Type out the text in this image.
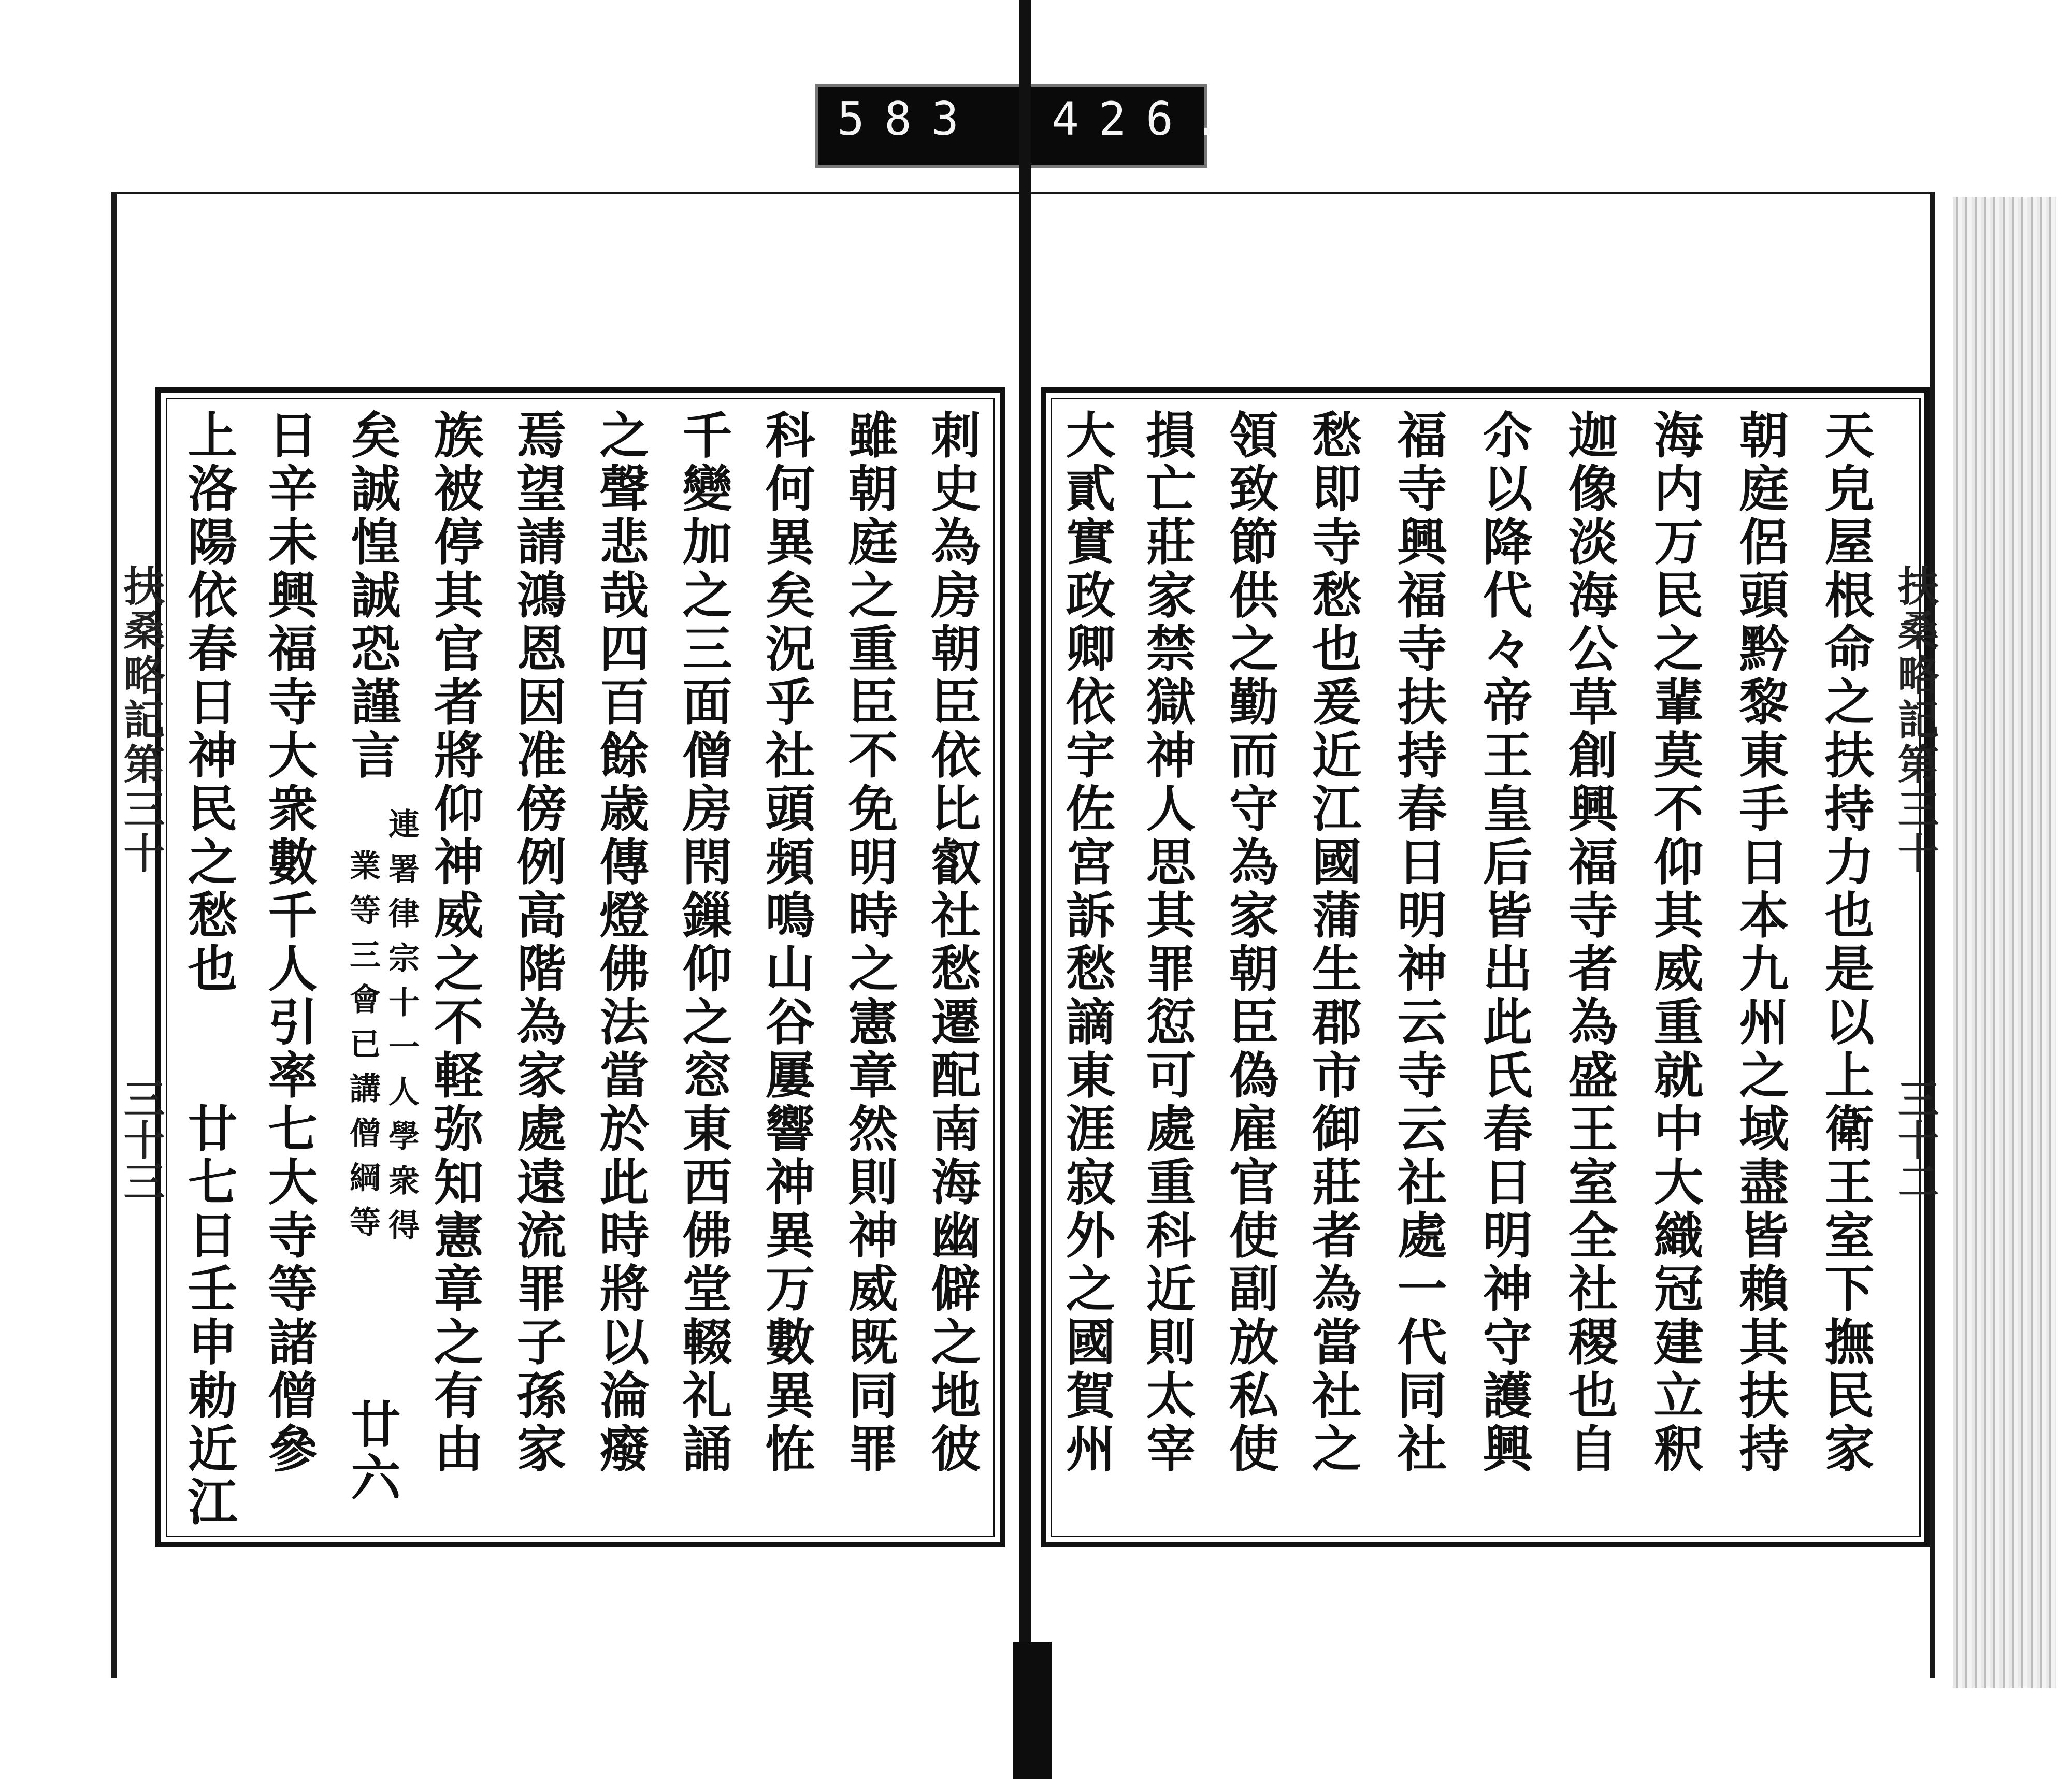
583 426.
扶桑略記第三十
三十二
扶桑略記第三十
三十三	天皃屋根命之扶持力也是以上衛王室下撫民家
朝庭侶頭黔黎東手日本九州之域盡皆賴其扶持
海内万民之輩莫不仰其威重就中大織冠建立釈
迦像淡海公草創興福寺者為盛王室全社稷也自
尒以降代々帝王皇后皆出此氏春日明神守護興
福寺興福寺扶持春日明神云寺云社處一代同社
愁即寺愁也爰近江國蒲生郡市御莊者為當社之
領致節供之勤而守為家朝臣偽雇官使副放私使
損亡莊家禁獄神人思其罪愆可處重科近則太宰
大貳實政卿依宇佐宮訴愁謫東涯寂外之國賀州
刺史為房朝臣依比叡社愁遷配南海幽僻之地彼
雖朝庭之重臣不免明時之憲章然則神威既同罪
科何異矣況乎社頭頻鳴山谷屢響神異万數異恠
千變加之三面僧房閇鏁仰之窓東西佛堂輟礼誦
之聲悲哉四百餘歳傳燈佛法當於此時將以淪癈
焉望請鴻恩因准傍例高階為家處遠流罪子孫家
族被停其官者將仰神威之不軽弥知憲章之有由
矣誠惶誠恐謹言
連署律宗十一人學衆得
業等三會已講僧綱等
廿六
日辛未興福寺大衆數千人引率七大寺等諸僧參
上洛陽依春日神民之愁也　　廿七日壬申勅近江
